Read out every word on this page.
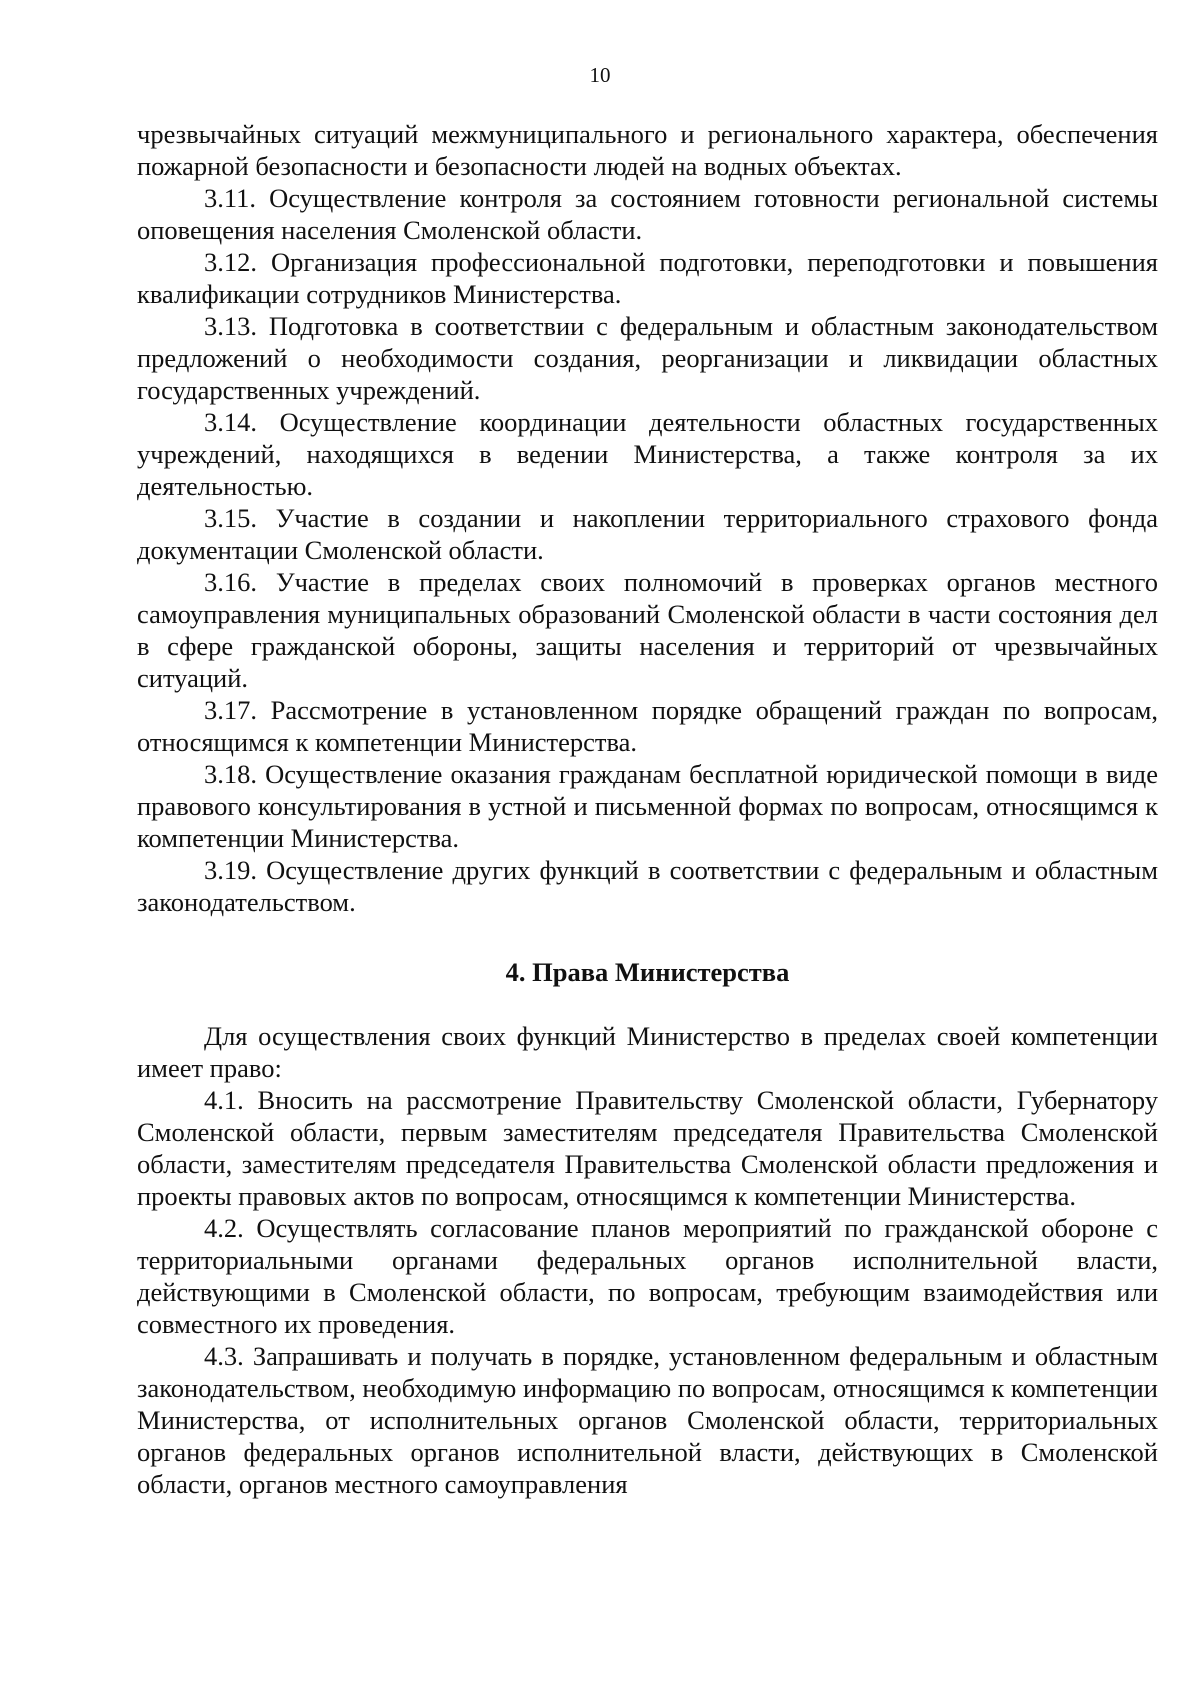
10

чрезвычайных ситуаций межмуниципального и регионального характера, обеспечения пожарной безопасности и безопасности людей на водных объектах.

3.11. Осуществление контроля за состоянием готовности региональной системы оповещения населения Смоленской области.

3.12. Организация профессиональной подготовки, переподготовки и повышения квалификации сотрудников Министерства.

3.13. Подготовка в соответствии с федеральным и областным законодательством предложений о необходимости создания, реорганизации и ликвидации областных государственных учреждений.

3.14. Осуществление координации деятельности областных государственных учреждений, находящихся в ведении Министерства, а также контроля за их деятельностью.

3.15. Участие в создании и накоплении территориального страхового фонда документации Смоленской области.

3.16. Участие в пределах своих полномочий в проверках органов местного самоуправления муниципальных образований Смоленской области в части состояния дел в сфере гражданской обороны, защиты населения и территорий от чрезвычайных ситуаций.

3.17. Рассмотрение в установленном порядке обращений граждан по вопросам, относящимся к компетенции Министерства.

3.18. Осуществление оказания гражданам бесплатной юридической помощи в виде правового консультирования в устной и письменной формах по вопросам, относящимся к компетенции Министерства.

3.19. Осуществление других функций в соответствии с федеральным и областным законодательством.

4. Права Министерства

Для осуществления своих функций Министерство в пределах своей компетенции имеет право:

4.1. Вносить на рассмотрение Правительству Смоленской области, Губернатору Смоленской области, первым заместителям председателя Правительства Смоленской области, заместителям председателя Правительства Смоленской области предложения и проекты правовых актов по вопросам, относящимся к компетенции Министерства.

4.2. Осуществлять согласование планов мероприятий по гражданской обороне с территориальными органами федеральных органов исполнительной власти, действующими в Смоленской области, по вопросам, требующим взаимодействия или совместного их проведения.

4.3. Запрашивать и получать в порядке, установленном федеральным и областным законодательством, необходимую информацию по вопросам, относящимся к компетенции Министерства, от исполнительных органов Смоленской области, территориальных органов федеральных органов исполнительной власти, действующих в Смоленской области, органов местного самоуправления
